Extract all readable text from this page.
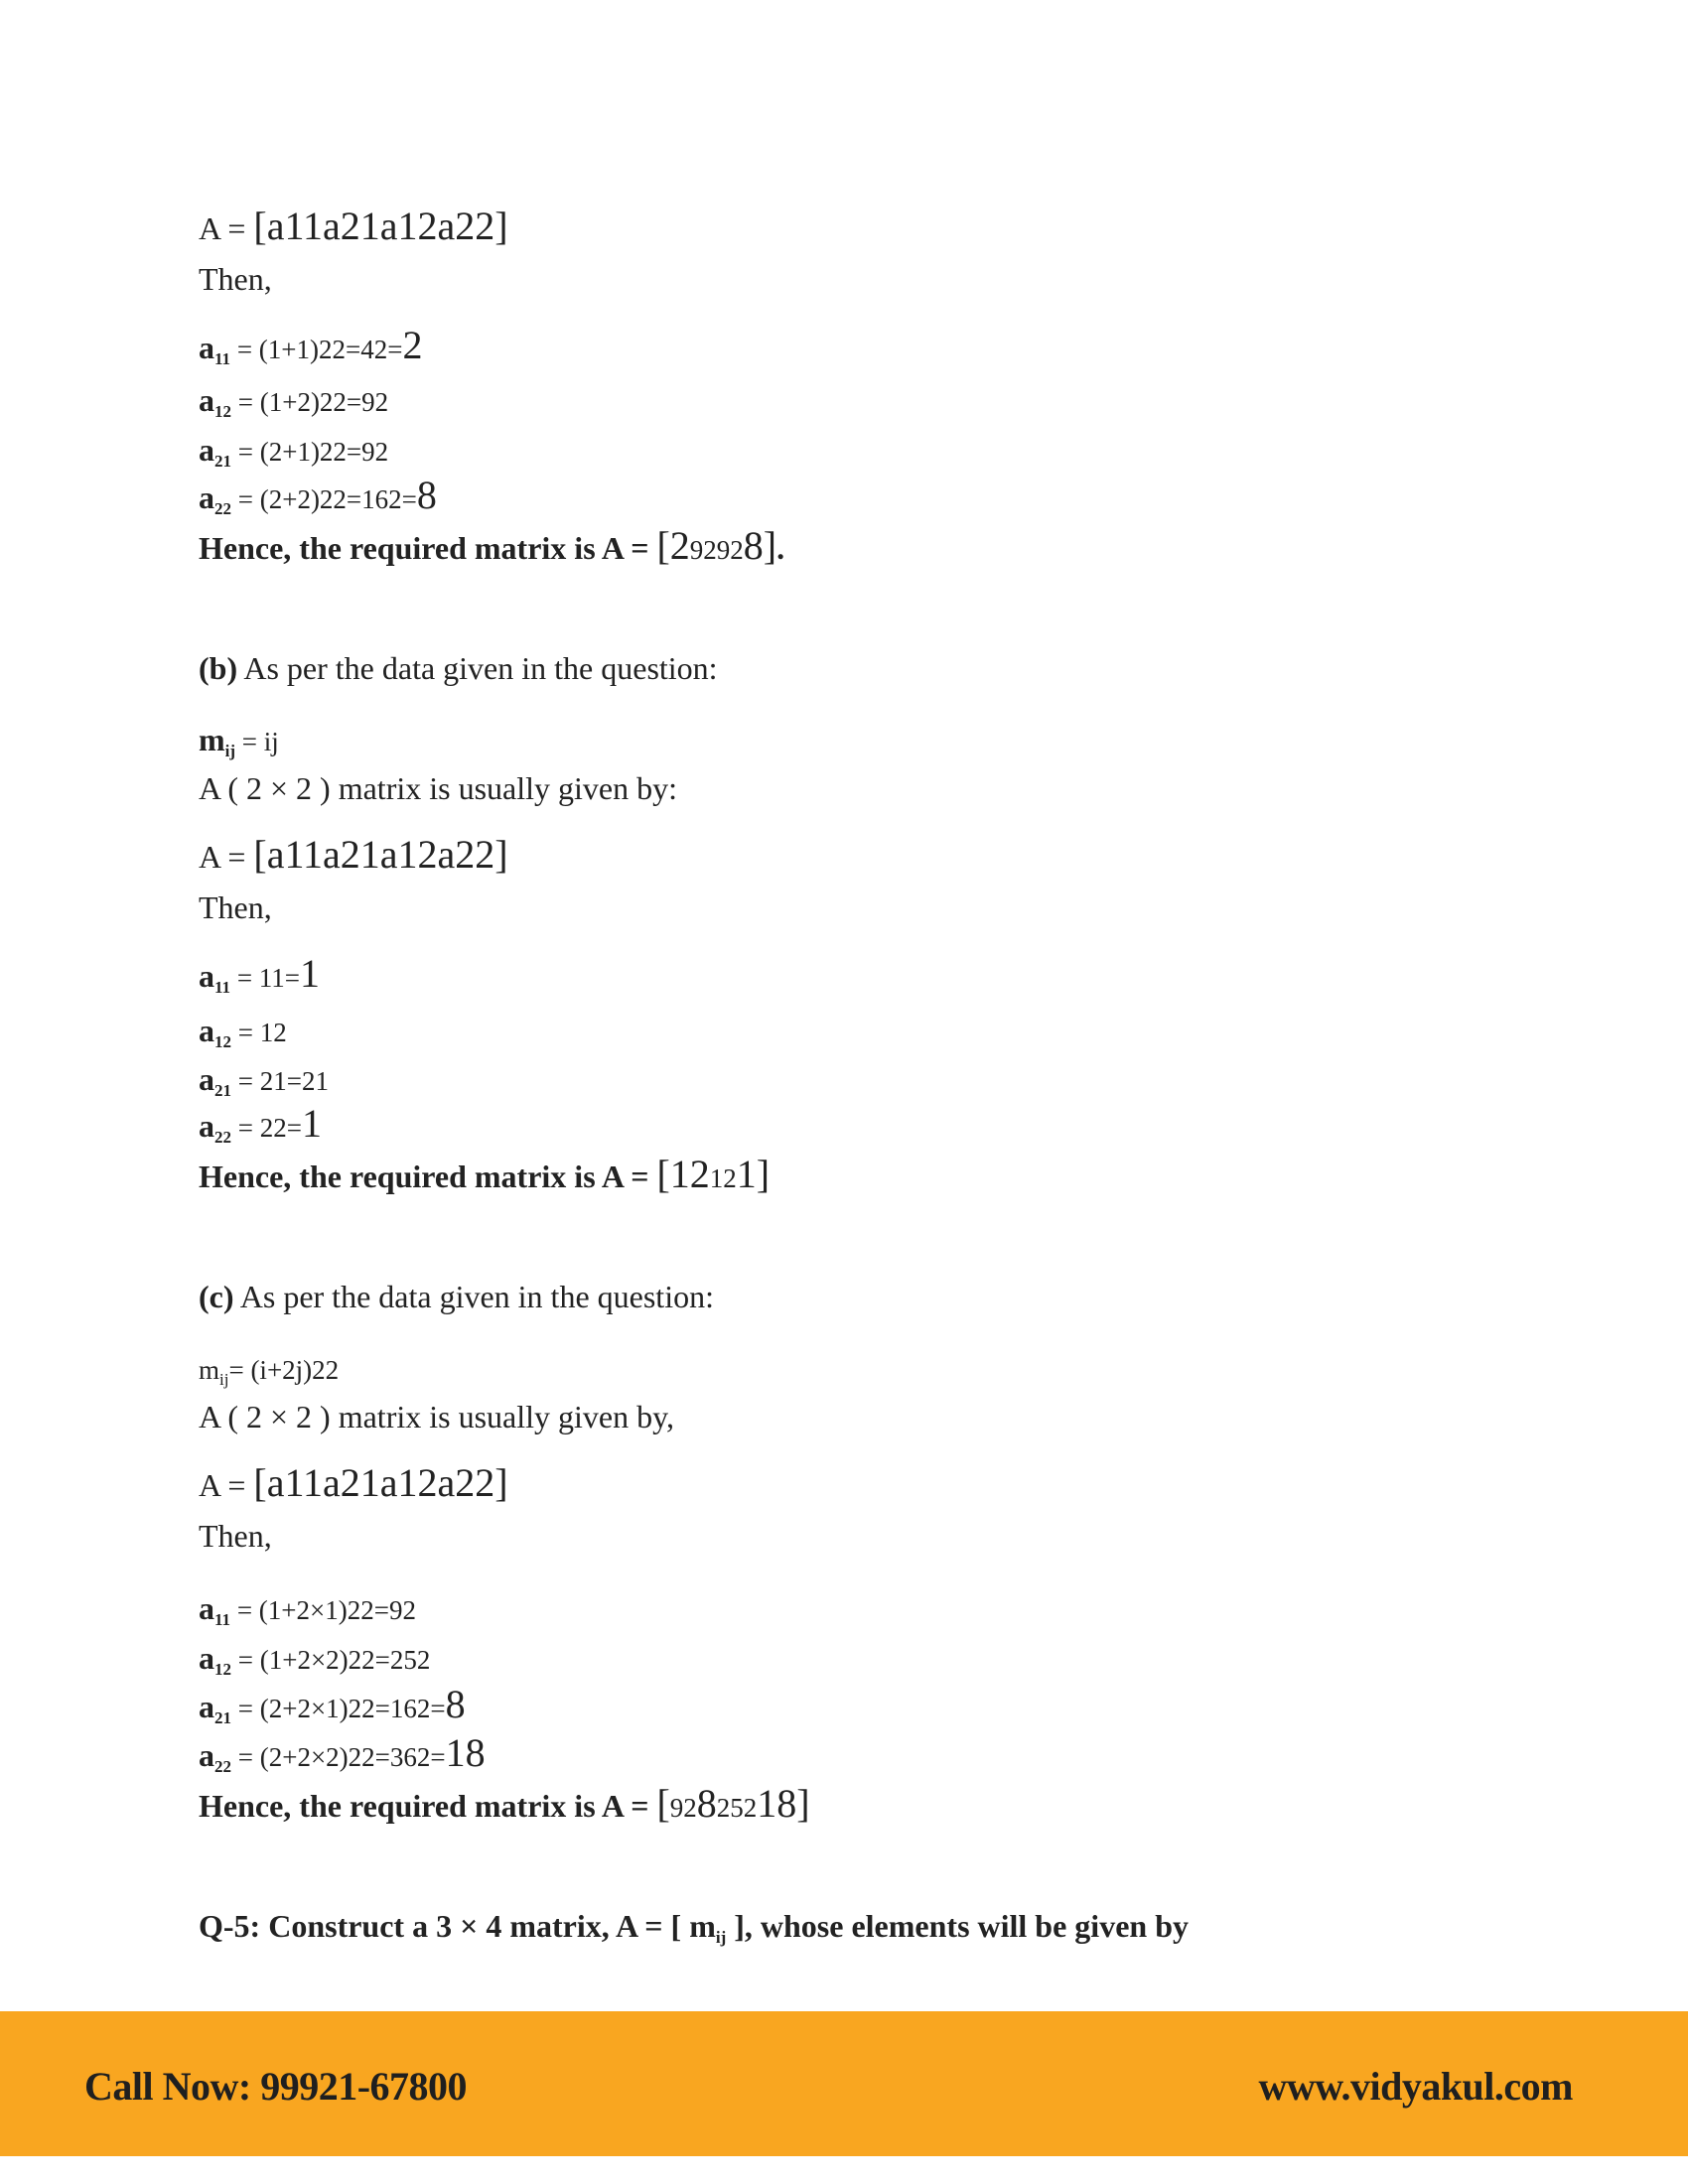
A = [a11a21a12a22]
Then,
$a_{11} = (1+1)22=42=2$
$a_{12} = (1+2)22=92$
$a_{21} = (2+1)22=92$
$a_{22} = (2+2)22=162=8$
Hence, the required matrix is A = [292928].
(b) As per the data given in the question:
$m_{ij}$ = ij
A ( 2 × 2 ) matrix is usually given by:
A = [a11a21a12a22]
Then,
$a_{11} = 11=1$
$a_{12} = 12$
$a_{21} = 21=21$
$a_{22} = 22=1$
Hence, the required matrix is A = [12121]
(c) As per the data given in the question:
mij= (i+2j)22
A ( 2 × 2 ) matrix is usually given by,
A = [a11a21a12a22]
Then,
$a_{11} = (1+2\times 1)22=92$
$a_{12} = (1+2\times 2)22=252$
$a_{21} = (2+2\times 1)22=162=8$
$a_{22} = (2+2\times 2)22=362=18$
Hence, the required matrix is A = [92825218]
Q-5: Construct a 3 × 4 matrix, A = [ $m_{ij}$ ], whose elements will be given by
Call Now: 99921-67800	www.vidyakul.com
